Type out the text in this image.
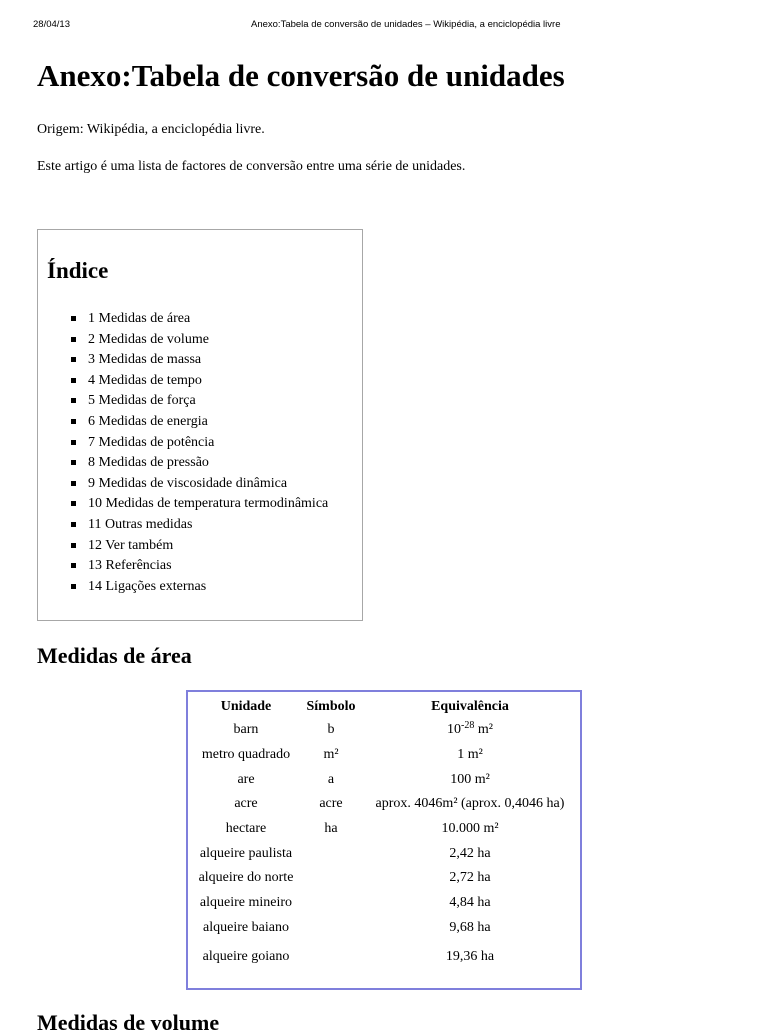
28/04/13	Anexo:Tabela de conversão de unidades – Wikipédia, a enciclopédia livre
Anexo:Tabela de conversão de unidades

Origem: Wikipédia, a enciclopédia livre.

Este artigo é uma lista de factores de conversão entre uma série de unidades.

Índice
1 Medidas de área
2 Medidas de volume
3 Medidas de massa
4 Medidas de tempo
5 Medidas de força
6 Medidas de energia
7 Medidas de potência
8 Medidas de pressão
9 Medidas de viscosidade dinâmica
10 Medidas de temperatura termodinâmica
11 Outras medidas
12 Ver também
13 Referências
14 Ligações externas
Medidas de área
Unidade	Símbolo	Equivalência
barn	b	$10^{-28}$ m²
metro quadrado	m²	1 m²
are	a	100 m²
acre	acre	aprox. 4046m² (aprox. 0,4046 ha)
hectare	ha	10.000 m²
alqueire paulista		2,42 ha
alqueire do norte		2,72 ha
alqueire mineiro		4,84 ha
alqueire baiano		9,68 ha
alqueire goiano		19,36 ha
Medidas de volume
